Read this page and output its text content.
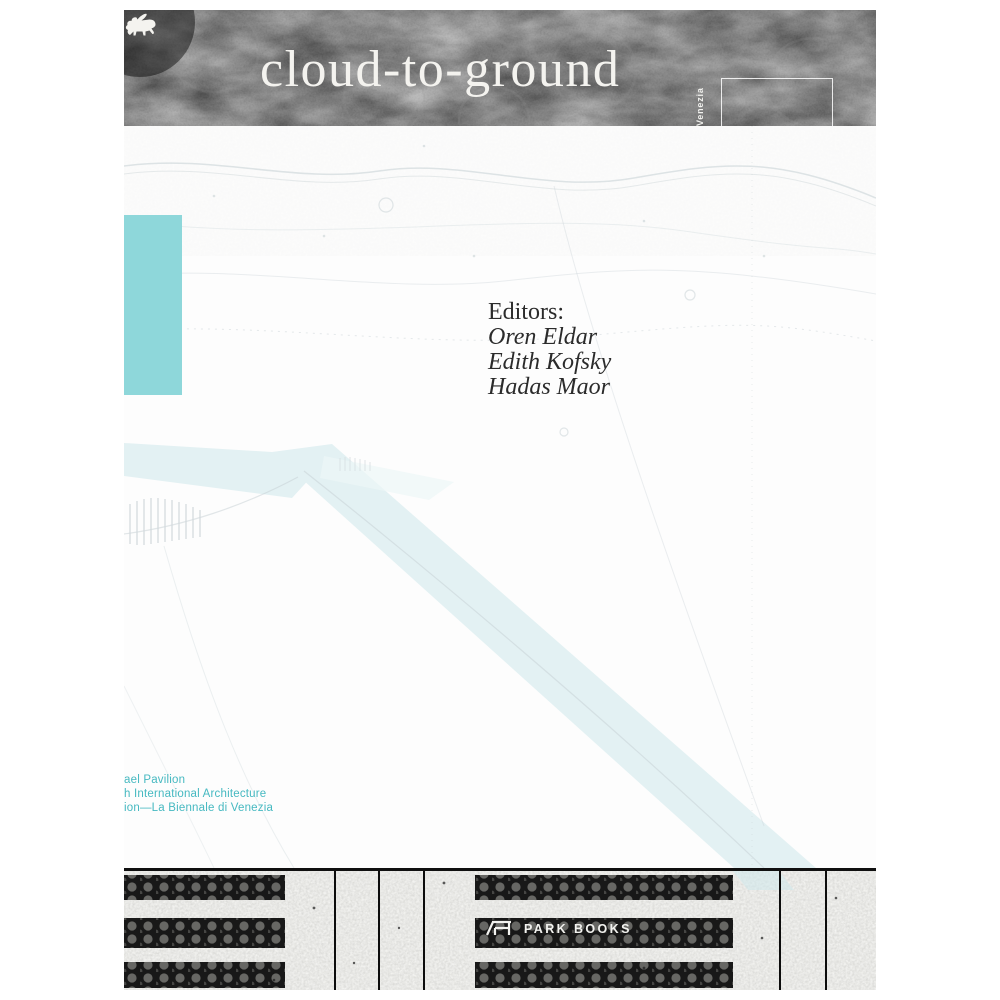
cloud-to-ground
Venezia
Editors:
Oren Eldar
Edith Kofsky
Hadas Maor
ael Pavilion
h International Architecture
ion—La Biennale di Venezia
PARK BOOKS
